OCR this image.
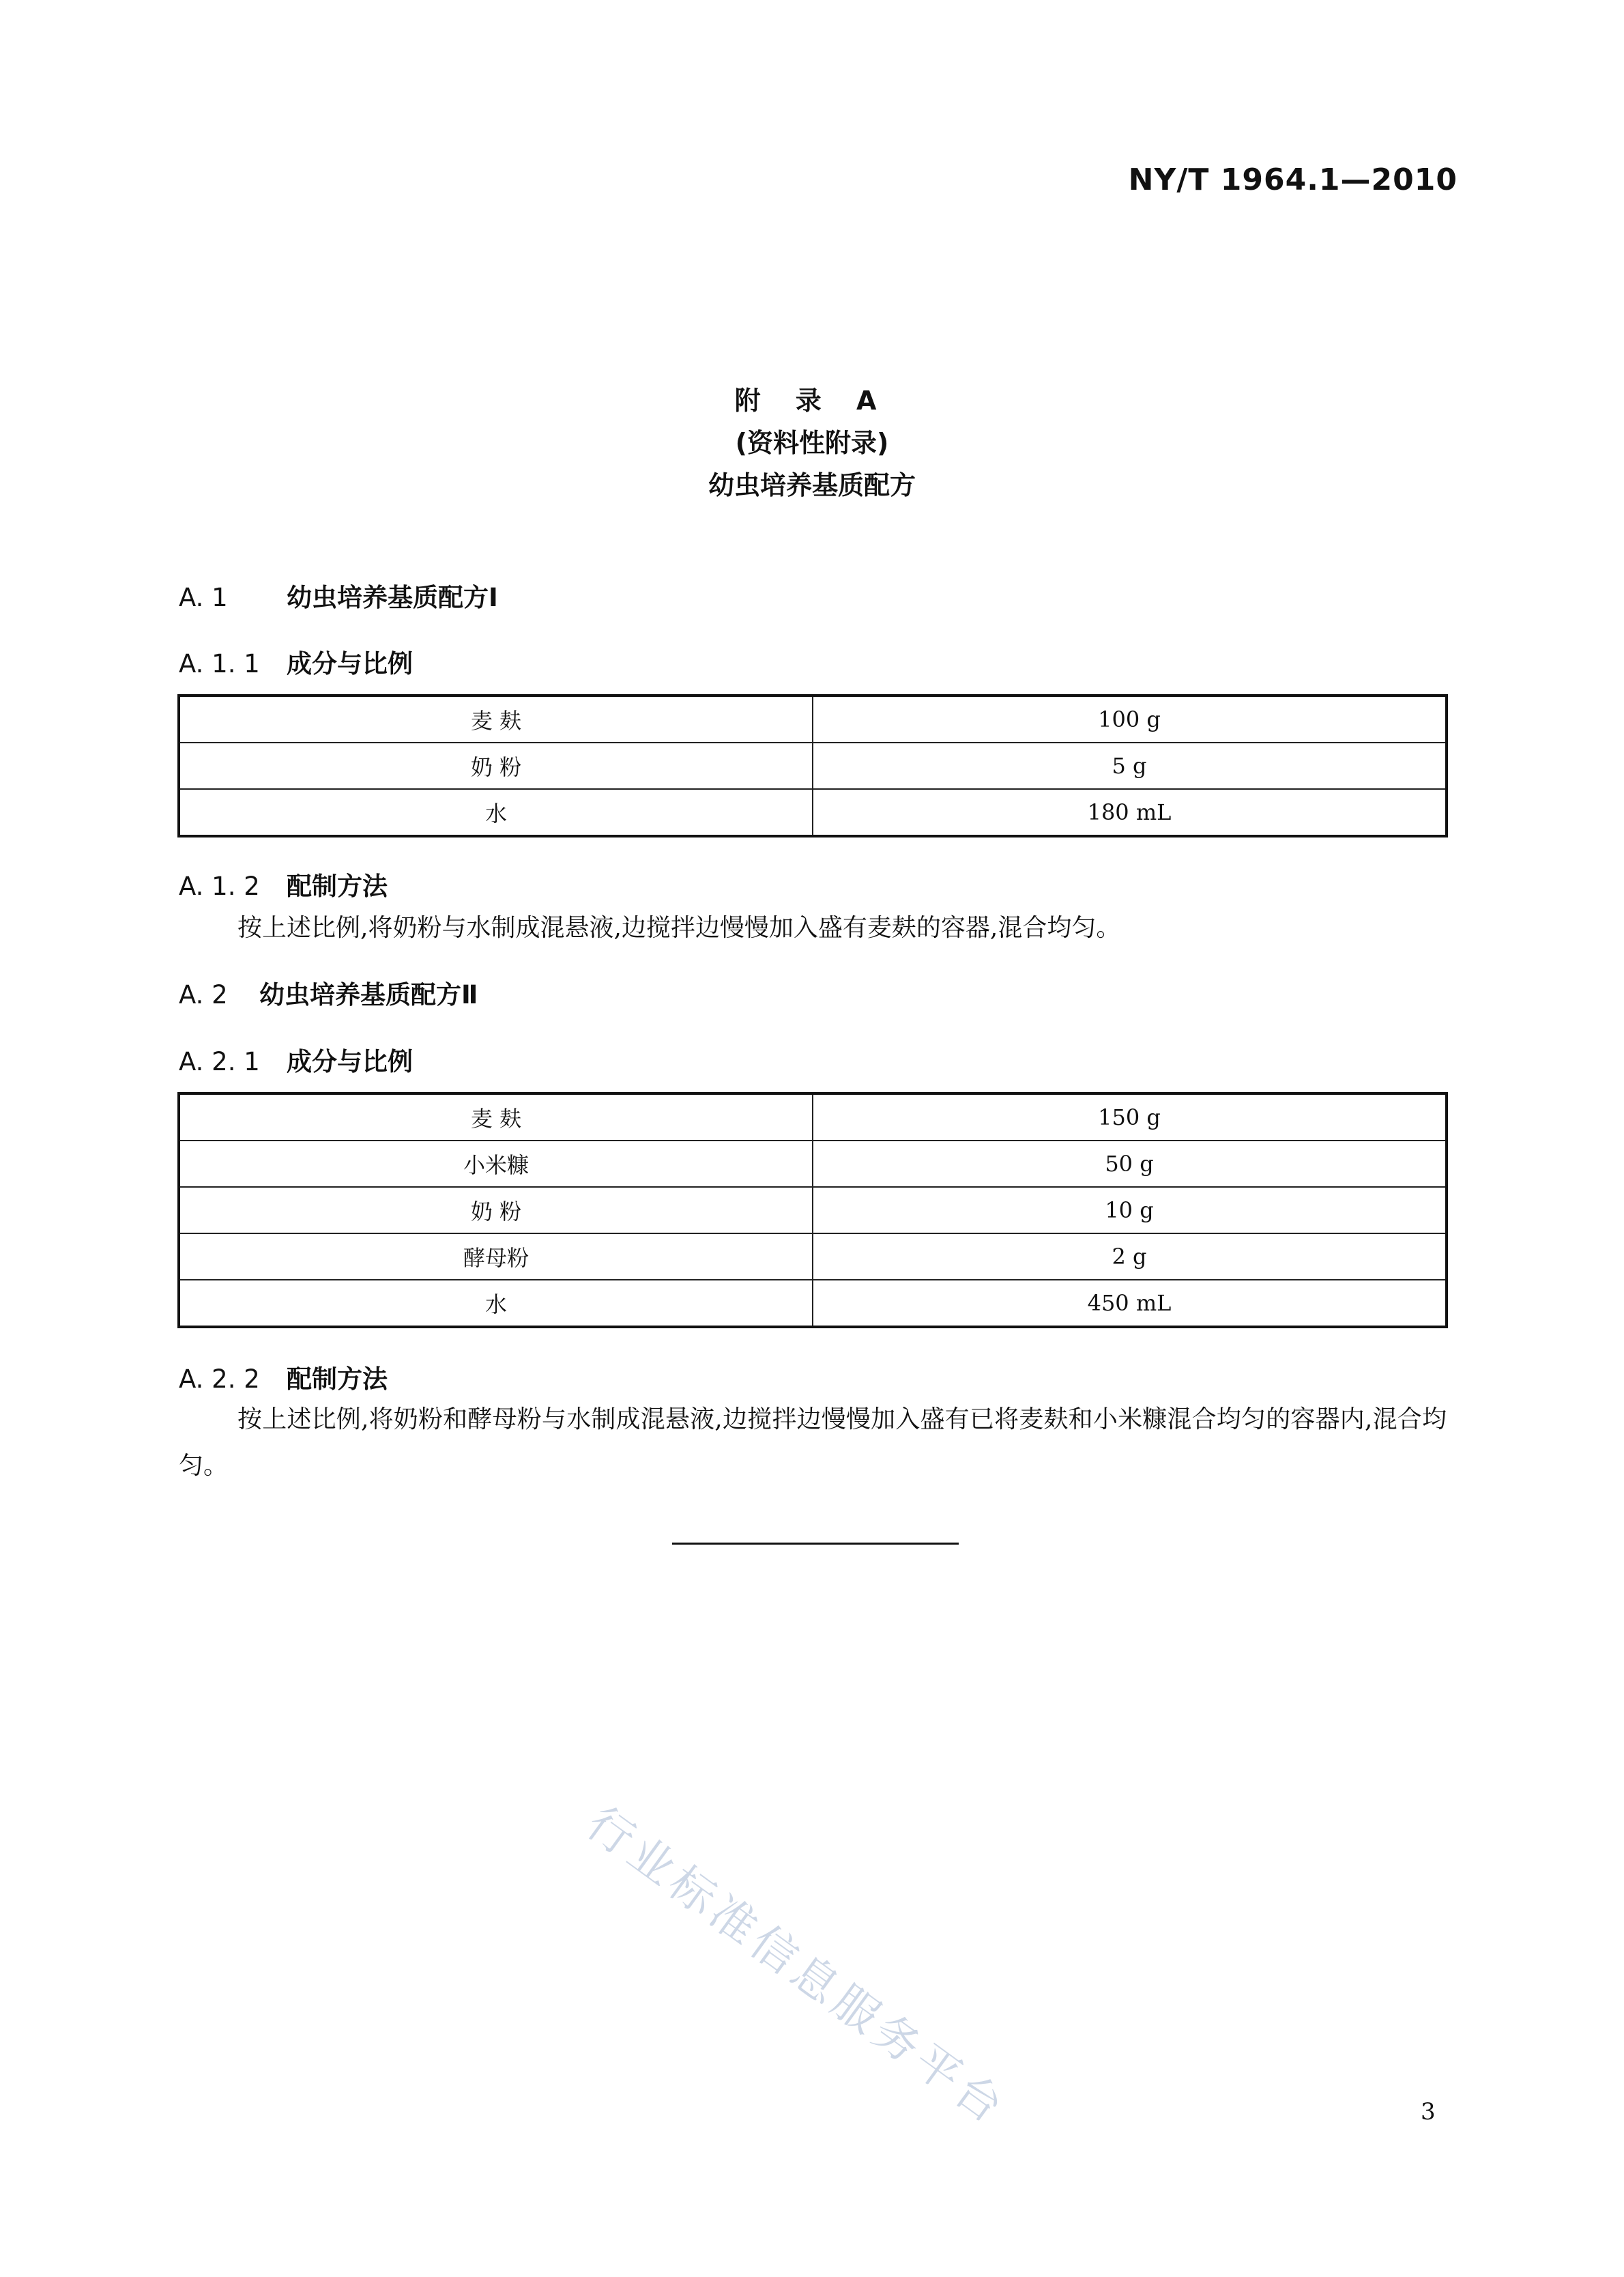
NY/T 1964.1—2010
附 录 A
(资料性附录)
幼虫培养基质配方
A. 1 幼虫培养基质配方Ⅰ
A. 1. 1 成分与比例
麦 麸	100 g
奶 粉	5 g
水	180 mL
A. 1. 2 配制方法
按上述比例,将奶粉与水制成混悬液,边搅拌边慢慢加入盛有麦麸的容器,混合均匀。
A. 2 幼虫培养基质配方Ⅱ
A. 2. 1 成分与比例
麦 麸	150 g
小米糠	50 g
奶 粉	10 g
酵母粉	2 g
水	450 mL
A. 2. 2 配制方法
按上述比例,将奶粉和酵母粉与水制成混悬液,边搅拌边慢慢加入盛有已将麦麸和小米糠混合均匀的容器内,混合均匀。
行业标准信息服务平台	3
